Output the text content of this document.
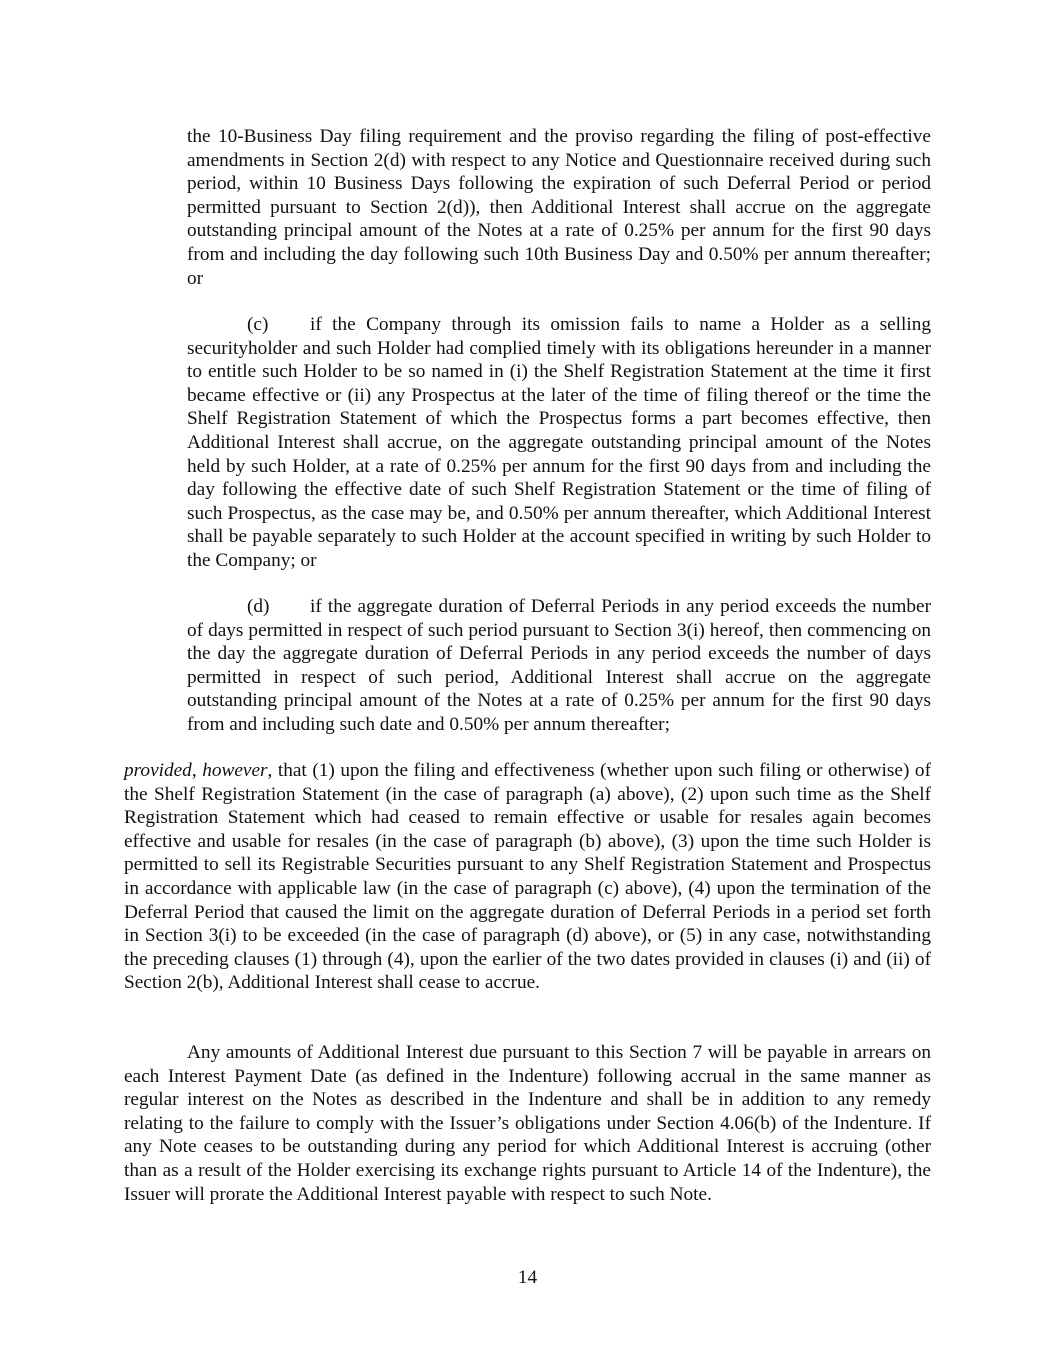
the 10-Business Day filing requirement and the proviso regarding the filing of post-effective amendments in Section 2(d) with respect to any Notice and Questionnaire received during such period, within 10 Business Days following the expiration of such Deferral Period or period permitted pursuant to Section 2(d)), then Additional Interest shall accrue on the aggregate outstanding principal amount of the Notes at a rate of 0.25% per annum for the first 90 days from and including the day following such 10th Business Day and 0.50% per annum thereafter; or

(c) if the Company through its omission fails to name a Holder as a selling securityholder and such Holder had complied timely with its obligations hereunder in a manner to entitle such Holder to be so named in (i) the Shelf Registration Statement at the time it first became effective or (ii) any Prospectus at the later of the time of filing thereof or the time the Shelf Registration Statement of which the Prospectus forms a part becomes effective, then Additional Interest shall accrue, on the aggregate outstanding principal amount of the Notes held by such Holder, at a rate of 0.25% per annum for the first 90 days from and including the day following the effective date of such Shelf Registration Statement or the time of filing of such Prospectus, as the case may be, and 0.50% per annum thereafter, which Additional Interest shall be payable separately to such Holder at the account specified in writing by such Holder to the Company; or

(d) if the aggregate duration of Deferral Periods in any period exceeds the number of days permitted in respect of such period pursuant to Section 3(i) hereof, then commencing on the day the aggregate duration of Deferral Periods in any period exceeds the number of days permitted in respect of such period, Additional Interest shall accrue on the aggregate outstanding principal amount of the Notes at a rate of 0.25% per annum for the first 90 days from and including such date and 0.50% per annum thereafter;

provided, however, that (1) upon the filing and effectiveness (whether upon such filing or otherwise) of the Shelf Registration Statement (in the case of paragraph (a) above), (2) upon such time as the Shelf Registration Statement which had ceased to remain effective or usable for resales again becomes effective and usable for resales (in the case of paragraph (b) above), (3) upon the time such Holder is permitted to sell its Registrable Securities pursuant to any Shelf Registration Statement and Prospectus in accordance with applicable law (in the case of paragraph (c) above), (4) upon the termination of the Deferral Period that caused the limit on the aggregate duration of Deferral Periods in a period set forth in Section 3(i) to be exceeded (in the case of paragraph (d) above), or (5) in any case, notwithstanding the preceding clauses (1) through (4), upon the earlier of the two dates provided in clauses (i) and (ii) of Section 2(b), Additional Interest shall cease to accrue.

Any amounts of Additional Interest due pursuant to this Section 7 will be payable in arrears on each Interest Payment Date (as defined in the Indenture) following accrual in the same manner as regular interest on the Notes as described in the Indenture and shall be in addition to any remedy relating to the failure to comply with the Issuer’s obligations under Section 4.06(b) of the Indenture. If any Note ceases to be outstanding during any period for which Additional Interest is accruing (other than as a result of the Holder exercising its exchange rights pursuant to Article 14 of the Indenture), the Issuer will prorate the Additional Interest payable with respect to such Note.

14
